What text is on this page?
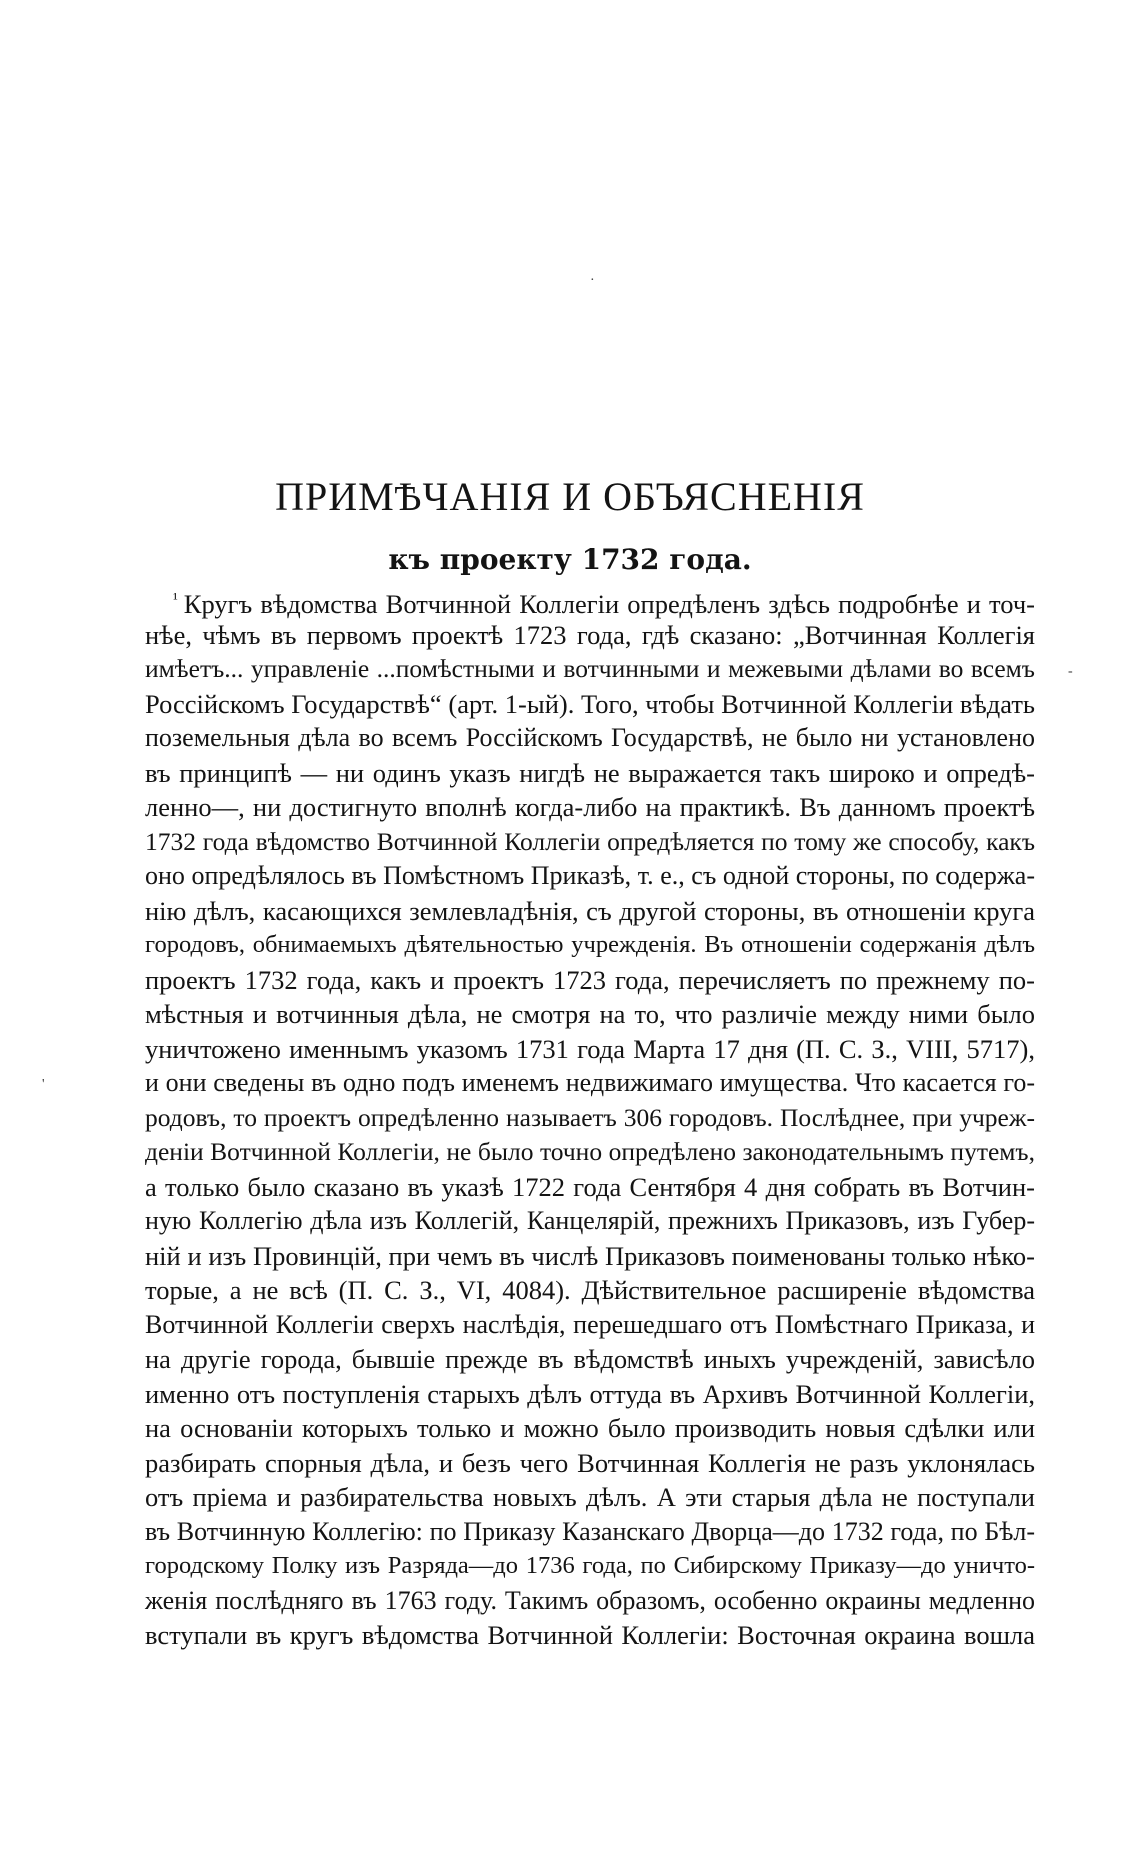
·
-
'
ПРИМѢЧАНІЯ И ОБЪЯСНЕНІЯ
къ проекту 1732 года.
$^{^1}$ Кругъ вѣдомства Вотчинной Коллегіи опредѣленъ здѣсь подробнѣе и точ-
нѣе, чѣмъ въ первомъ проектѣ 1723 года, гдѣ сказано: „Вотчинная Коллегія
имѣетъ... управленіе ...помѣстными и вотчинными и межевыми дѣлами во всемъ
Россійскомъ Государствѣ“ (арт. 1-ый). Того, чтобы Вотчинной Коллегіи вѣдать
поземельныя дѣла во всемъ Россійскомъ Государствѣ, не было ни установлено
въ принципѣ — ни одинъ указъ нигдѣ не выражается такъ широко и опредѣ-
ленно—, ни достигнуто вполнѣ когда-либо на практикѣ. Въ данномъ проектѣ
1732 года вѣдомство Вотчинной Коллегіи опредѣляется по тому же способу, какъ
оно опредѣлялось въ Помѣстномъ Приказѣ, т. е., съ одной стороны, по содержа-
нію дѣлъ, касающихся землевладѣнія, съ другой стороны, въ отношеніи круга
городовъ, обнимаемыхъ дѣятельностью учрежденія. Въ отношеніи содержанія дѣлъ
проектъ 1732 года, какъ и проектъ 1723 года, перечисляетъ по прежнему по-
мѣстныя и вотчинныя дѣла, не смотря на то, что различіе между ними было
уничтожено именнымъ указомъ 1731 года Марта 17 дня (П. С. З., VIII, 5717),
и они сведены въ одно подъ именемъ недвижимаго имущества. Что касается го-
родовъ, то проектъ опредѣленно называетъ 306 городовъ. Послѣднее, при учреж-
деніи Вотчинной Коллегіи, не было точно опредѣлено законодательнымъ путемъ,
а только было сказано въ указѣ 1722 года Сентября 4 дня собрать въ Вотчин-
ную Коллегію дѣла изъ Коллегій, Канцелярій, прежнихъ Приказовъ, изъ Губер-
ній и изъ Провинцій, при чемъ въ числѣ Приказовъ поименованы только нѣко-
торые, а не всѣ (П. С. З., VI, 4084). Дѣйствительное расширеніе вѣдомства
Вотчинной Коллегіи сверхъ наслѣдія, перешедшаго отъ Помѣстнаго Приказа, и
на другіе города, бывшіе прежде въ вѣдомствѣ иныхъ учрежденій, зависѣло
именно отъ поступленія старыхъ дѣлъ оттуда въ Архивъ Вотчинной Коллегіи,
на основаніи которыхъ только и можно было производить новыя сдѣлки или
разбирать спорныя дѣла, и безъ чего Вотчинная Коллегія не разъ уклонялась
отъ пріема и разбирательства новыхъ дѣлъ. А эти старыя дѣла не поступали
въ Вотчинную Коллегію: по Приказу Казанскаго Дворца—до 1732 года, по Бѣл-
городскому Полку изъ Разряда—до 1736 года, по Сибирскому Приказу—до уничто-
женія послѣдняго въ 1763 году. Такимъ образомъ, особенно окраины медленно
вступали въ кругъ вѣдомства Вотчинной Коллегіи: Восточная окраина вошла
